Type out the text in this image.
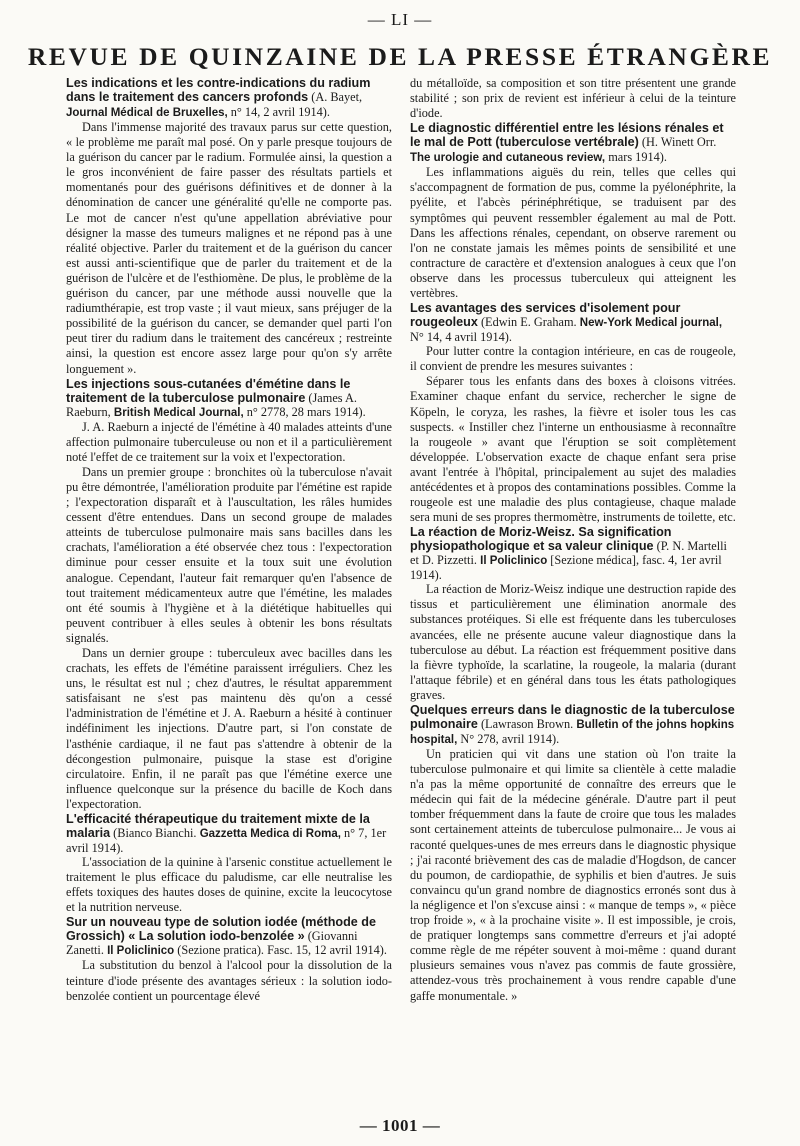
— LI —
REVUE DE QUINZAINE DE LA PRESSE ÉTRANGÈRE
Les indications et les contre-indications du radium dans le traitement des cancers profonds (A. Bayet, Journal Médical de Bruxelles, n° 14, 2 avril 1914).

Dans l'immense majorité des travaux parus sur cette question, « le problème me paraît mal posé. On y parle presque toujours de la guérison du cancer par le radium. Formulée ainsi, la question a le gros inconvénient de faire passer des résultats partiels et momentanés pour des guérisons définitives et de donner à la dénomination de cancer une généralité qu'elle ne comporte pas. Le mot de cancer n'est qu'une appellation abréviative pour désigner la masse des tumeurs malignes et ne répond pas à une réalité objective. Parler du traitement et de la guérison du cancer est aussi anti-scientifique que de parler du traitement et de la guérison de l'ulcère et de l'esthiomène. De plus, le problème de la guérison du cancer, par une méthode aussi nouvelle que la radiumthérapie, est trop vaste ; il vaut mieux, sans préjuger de la possibilité de la guérison du cancer, se demander quel parti l'on peut tirer du radium dans le traitement des cancéreux ; restreinte ainsi, la question est encore assez large pour qu'on s'y arrête longuement ».

Les injections sous-cutanées d'émétine dans le traitement de la tuberculose pulmonaire (James A. Raeburn, British Medical Journal, n° 2778, 28 mars 1914).

J. A. Raeburn a injecté de l'émétine à 40 malades atteints d'une affection pulmonaire tuberculeuse ou non et il a particulièrement noté l'effet de ce traitement sur la voix et l'expectoration.

Dans un premier groupe : bronchites où la tuberculose n'avait pu être démontrée, l'amélioration produite par l'émétine est rapide ; l'expectoration disparaît et à l'auscultation, les râles humides cessent d'être entendues. Dans un second groupe de malades atteints de tuberculose pulmonaire mais sans bacilles dans les crachats, l'amélioration a été observée chez tous : l'expectoration diminue pour cesser ensuite et la toux suit une évolution analogue. Cependant, l'auteur fait remarquer qu'en l'absence de tout traitement médicamenteux autre que l'émétine, les malades ont été soumis à l'hygiène et à la diététique habituelles qui peuvent contribuer à elles seules à obtenir les bons résultats signalés.

Dans un dernier groupe : tuberculeux avec bacilles dans les crachats, les effets de l'émétine paraissent irréguliers. Chez les uns, le résultat est nul ; chez d'autres, le résultat apparemment satisfaisant ne s'est pas maintenu dès qu'on a cessé l'administration de l'émétine et J. A. Raeburn a hésité à continuer indéfiniment les injections. D'autre part, si l'on constate de l'asthénie cardiaque, il ne faut pas s'attendre à obtenir de la décongestion pulmonaire, puisque la stase est d'origine circulatoire. Enfin, il ne paraît pas que l'émétine exerce une influence quelconque sur la présence du bacille de Koch dans l'expectoration.

L'efficacité thérapeutique du traitement mixte de la malaria (Bianco Bianchi. Gazzetta Medica di Roma, n° 7, 1er avril 1914).

L'association de la quinine à l'arsenic constitue actuellement le traitement le plus efficace du paludisme, car elle neutralise les effets toxiques des hautes doses de quinine, excite la leucocytose et la nutrition nerveuse.

Sur un nouveau type de solution iodée (méthode de Grossich) « La solution iodo-benzolée » (Giovanni Zanetti. Il Policlinico (Sezione pratica). Fasc. 15, 12 avril 1914).

La substitution du benzol à l'alcool pour la dissolution de la teinture d'iode présente des avantages sérieux : la solution iodo-benzolée contient un pourcentage élevé

du métalloïde, sa composition et son titre présentent une grande stabilité ; son prix de revient est inférieur à celui de la teinture d'iode.

Le diagnostic différentiel entre les lésions rénales et le mal de Pott (tuberculose vertébrale) (H. Winett Orr. The urologie and cutaneous review, mars 1914).

Les inflammations aiguës du rein, telles que celles qui s'accompagnent de formation de pus, comme la pyélonéphrite, la pyélite, et l'abcès périnéphrétique, se traduisent par des symptômes qui peuvent ressembler également au mal de Pott. Dans les affections rénales, cependant, on observe rarement ou l'on ne constate jamais les mêmes points de sensibilité et une contracture de caractère et d'extension analogues à ceux que l'on observe dans les processus tuberculeux qui atteignent les vertèbres.

Les avantages des services d'isolement pour rougeoleux (Edwin E. Graham. New-York Medical journal, N° 14, 4 avril 1914).

Pour lutter contre la contagion intérieure, en cas de rougeole, il convient de prendre les mesures suivantes :

Séparer tous les enfants dans des boxes à cloisons vitrées. Examiner chaque enfant du service, rechercher le signe de Köpeln, le coryza, les rashes, la fièvre et isoler tous les cas suspects. « Instiller chez l'interne un enthousiasme à reconnaître la rougeole » avant que l'éruption se soit complètement développée. L'observation exacte de chaque enfant sera prise avant l'entrée à l'hôpital, principalement au sujet des maladies antécédentes et à propos des contaminations possibles. Comme la rougeole est une maladie des plus contagieuse, chaque malade sera muni de ses propres thermomètre, instruments de toilette, etc.

La réaction de Moriz-Weisz. Sa signification physiopathologique et sa valeur clinique (P. N. Martelli et D. Pizzetti. Il Policlinico [Sezione médica], fasc. 4, 1er avril 1914).

La réaction de Moriz-Weisz indique une destruction rapide des tissus et particulièrement une élimination anormale des substances protéiques. Si elle est fréquente dans les tuberculoses avancées, elle ne présente aucune valeur diagnostique dans la tuberculose au début. La réaction est fréquemment positive dans la fièvre typhoïde, la scarlatine, la rougeole, la malaria (durant l'attaque fébrile) et en général dans tous les états pathologiques graves.

Quelques erreurs dans le diagnostic de la tuberculose pulmonaire (Lawrason Brown. Bulletin of the johns hopkins hospital, N° 278, avril 1914).

Un praticien qui vit dans une station où l'on traite la tuberculose pulmonaire et qui limite sa clientèle à cette maladie n'a pas la même opportunité de connaître des erreurs que le médecin qui fait de la médecine générale. D'autre part il peut tomber fréquemment dans la faute de croire que tous les malades sont certainement atteints de tuberculose pulmonaire... Je vous ai raconté quelques-unes de mes erreurs dans le diagnostic physique ; j'ai raconté brièvement des cas de maladie d'Hogdson, de cancer du poumon, de cardiopathie, de syphilis et bien d'autres. Je suis convaincu qu'un grand nombre de diagnostics erronés sont dus à la négligence et l'on s'excuse ainsi : « manque de temps », « pièce trop froide », « à la prochaine visite ». Il est impossible, je crois, de pratiquer longtemps sans commettre d'erreurs et j'ai adopté comme règle de me répéter souvent à moi-même : quand durant plusieurs semaines vous n'avez pas commis de faute grossière, attendez-vous très prochainement à vous rendre capable d'une gaffe monumentale. »

— 1001 —
